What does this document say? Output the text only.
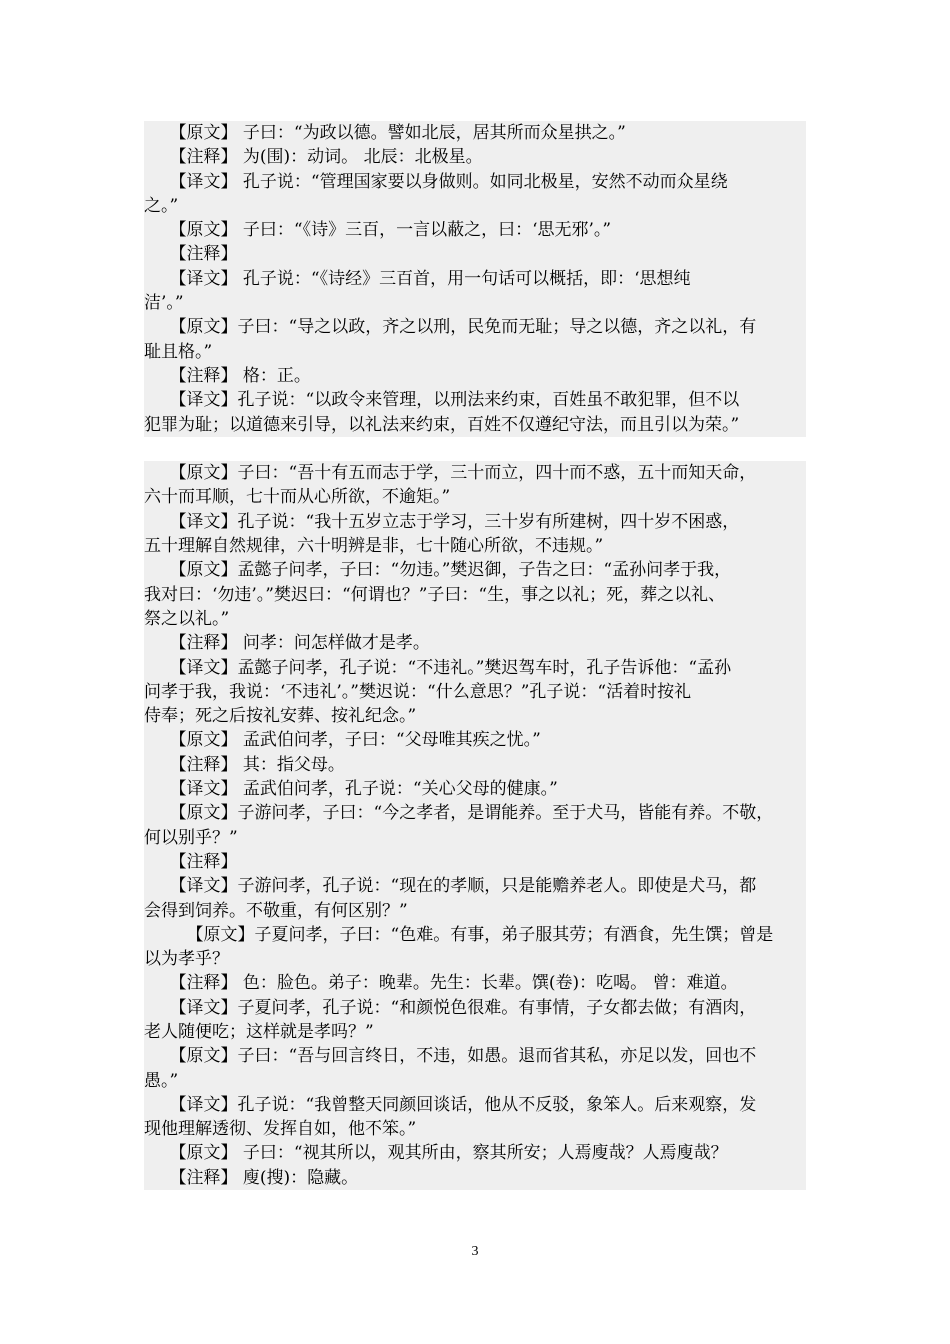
　　【原文】 子曰：“为政以德。譬如北辰，居其所而众星拱之。”
　　【注释】 为(围)：动词。 北辰：北极星。
　　【译文】 孔子说：“管理国家要以身做则。如同北极星，安然不动而众星绕
之。”
　　【原文】 子曰：“《诗》三百，一言以蔽之，曰：‘思无邪’。”
　　【注释】
　　【译文】 孔子说：“《诗经》三百首，用一句话可以概括，即：‘思想纯
洁’。”
　　【原文】子曰：“导之以政，齐之以刑，民免而无耻；导之以德，齐之以礼，有
耻且格。”
　　【注释】 格：正。
　　【译文】孔子说：“以政令来管理，以刑法来约束，百姓虽不敢犯罪，但不以
犯罪为耻；以道德来引导，以礼法来约束，百姓不仅遵纪守法，而且引以为荣。”
　　【原文】子曰：“吾十有五而志于学，三十而立，四十而不惑，五十而知天命，
六十而耳顺，七十而从心所欲，不逾矩。”
　　【译文】孔子说：“我十五岁立志于学习，三十岁有所建树，四十岁不困惑，
五十理解自然规律，六十明辨是非，七十随心所欲，不违规。”
　　【原文】孟懿子问孝，子曰：“勿违。”樊迟御，子告之曰：“孟孙问孝于我，
我对曰：‘勿违’。”樊迟曰：“何谓也？”子曰：“生，事之以礼；死，葬之以礼、
祭之以礼。”
　　【注释】 问孝：问怎样做才是孝。
　　【译文】孟懿子问孝，孔子说：“不违礼。”樊迟驾车时，孔子告诉他：“孟孙
问孝于我，我说：‘不违礼’。”樊迟说：“什么意思？”孔子说：“活着时按礼
侍奉；死之后按礼安葬、按礼纪念。”
　　【原文】 孟武伯问孝，子曰：“父母唯其疾之忧。”
　　【注释】 其：指父母。
　　【译文】 孟武伯问孝，孔子说：“关心父母的健康。”
　　【原文】子游问孝，子曰：“今之孝者，是谓能养。至于犬马，皆能有养。不敬，
何以别乎？”
　　【注释】
　　【译文】子游问孝，孔子说：“现在的孝顺，只是能赡养老人。即使是犬马，都
会得到饲养。不敬重，有何区别？”
　　　【原文】子夏问孝，子曰：“色难。有事，弟子服其劳；有酒食，先生馔；曾是
以为孝乎？
　　【注释】 色：脸色。弟子：晚辈。先生：长辈。馔(卷)：吃喝。 曾：难道。
　　【译文】子夏问孝，孔子说：“和颜悦色很难。有事情，子女都去做；有酒肉，
老人随便吃；这样就是孝吗？”
　　【原文】子曰：“吾与回言终日，不违，如愚。退而省其私，亦足以发，回也不
愚。”
　　【译文】孔子说：“我曾整天同颜回谈话，他从不反驳，象笨人。后来观察，发
现他理解透彻、发挥自如，他不笨。”
　　【原文】 子曰：“视其所以，观其所由，察其所安；人焉廋哉？人焉廋哉？
　　【注释】 廋(搜)：隐藏。
3
